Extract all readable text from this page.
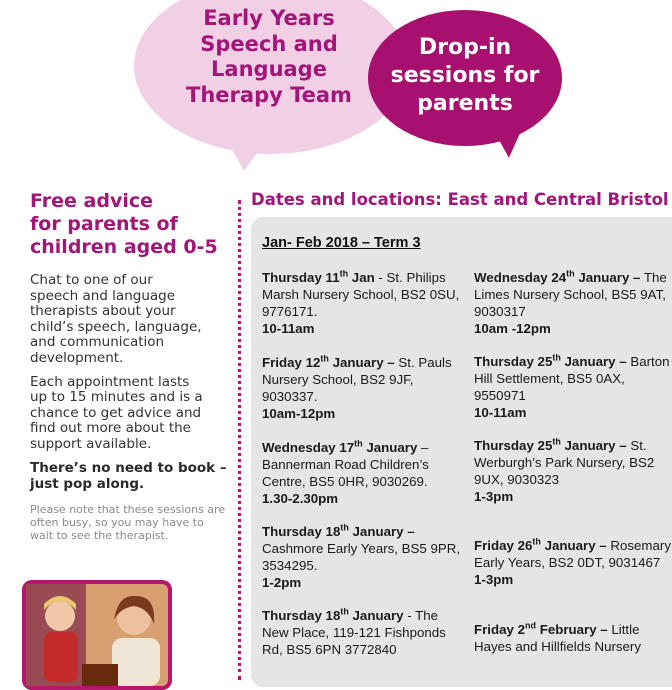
Early Years
Speech and
Language
Therapy Team
Drop-in
sessions for
parents
Free advice
for parents of
children aged 0-5

Chat to one of our
speech and language
therapists about your
child’s speech, language,
and communication
development.

Each appointment lasts
up to 15 minutes and is a
chance to get advice and
find out more about the
support available.

There’s no need to book –
just pop along.

Please note that these sessions are
often busy, so you may have to
wait to see the therapist.

Dates and locations: East and Central Bristol
Jan- Feb 2018 – Term 3
Thursday 11th Jan - St. Philips Marsh Nursery School, BS2 0SU, 9776171.
10-11am
Friday 12th January – St. Pauls Nursery School, BS2 9JF, 9030337.
10am-12pm
Wednesday 17th January – Bannerman Road Children’s Centre, BS5 0HR, 9030269.
1.30-2.30pm
Thursday 18th January – Cashmore Early Years, BS5 9PR, 3534295.
1-2pm
Thursday 18th January - The New Place, 119-121 Fishponds Rd, BS5 6PN 3772840
Wednesday 24th January – The Limes Nursery School, BS5 9AT, 9030317
10am -12pm
Thursday 25th January – Barton Hill Settlement, BS5 0AX, 9550971
10-11am
Thursday 25th January – St. Werburgh’s Park Nursery, BS2 9UX, 9030323
1-3pm
Friday 26th January – Rosemary Early Years, BS2 0DT, 9031467
1-3pm
Friday 2nd February – Little Hayes and Hillfields Nursery
